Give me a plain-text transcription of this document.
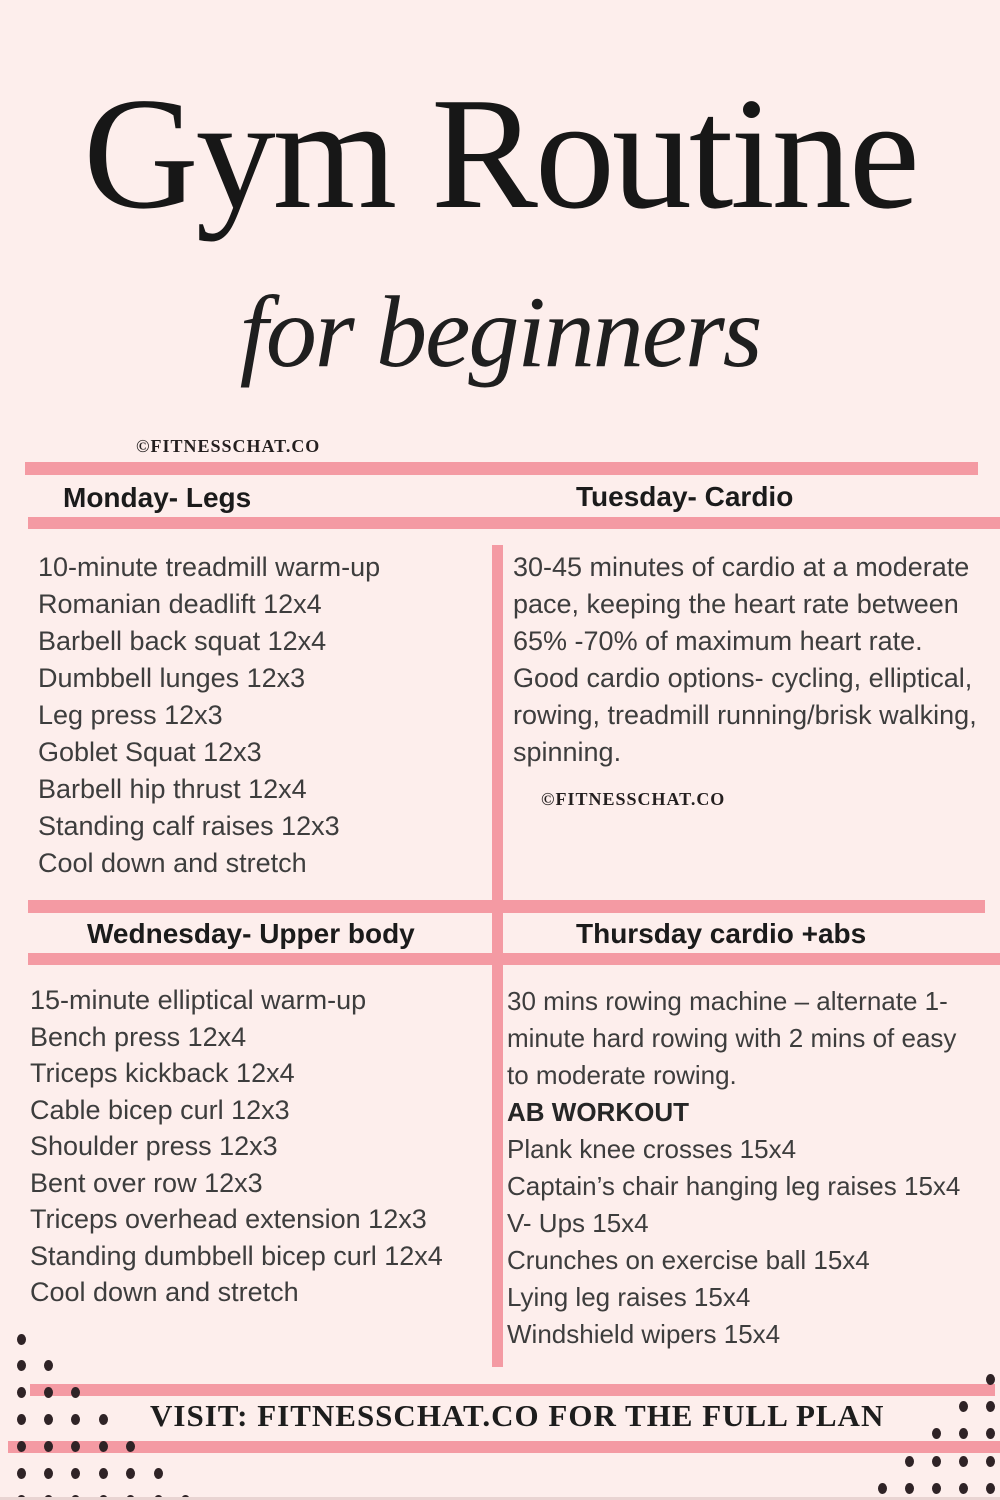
Gym Routine
for beginners
©FITNESSCHAT.CO
Monday- Legs	Tuesday- Cardio
10-minute treadmill warm-up
Romanian deadlift 12x4
Barbell back squat 12x4
Dumbbell lunges 12x3
Leg press 12x3
Goblet Squat 12x3
Barbell hip thrust 12x4
Standing calf raises 12x3
Cool down and stretch
30-45 minutes of cardio at a moderate
pace, keeping the heart rate between
65% -70% of maximum heart rate.
Good cardio options- cycling, elliptical,
rowing, treadmill running/brisk walking,
spinning.
©FITNESSCHAT.CO
Wednesday- Upper body	Thursday cardio +abs
15-minute elliptical warm-up
Bench press 12x4
Triceps kickback 12x4
Cable bicep curl 12x3
Shoulder press 12x3
Bent over row 12x3
Triceps overhead extension 12x3
Standing dumbbell bicep curl 12x4
Cool down and stretch
30 mins rowing machine – alternate 1-
minute hard rowing with 2 mins of easy
to moderate rowing.
AB WORKOUT
Plank knee crosses 15x4
Captain’s chair hanging leg raises 15x4
V- Ups 15x4
Crunches on exercise ball 15x4
Lying leg raises 15x4
Windshield wipers 15x4
VISIT: FITNESSCHAT.CO FOR THE FULL PLAN
